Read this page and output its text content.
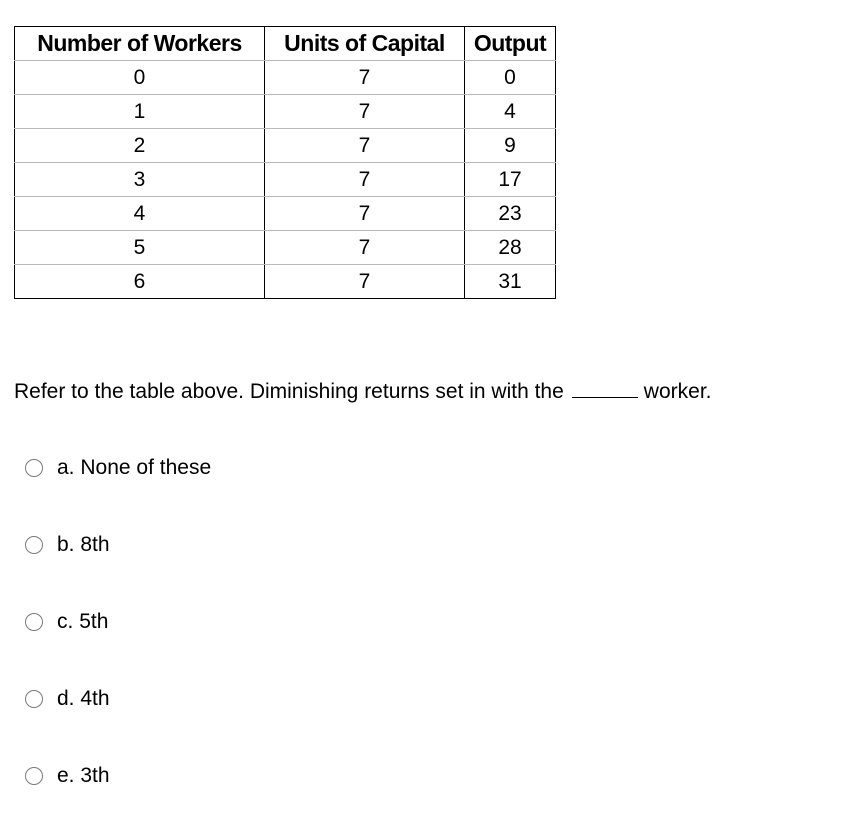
Number of Workers	Units of Capital	Output
0	7	0
1	7	4
2	7	9
3	7	17
4	7	23
5	7	28
6	7	31
Refer to the table above. Diminishing returns set in with the	worker.
a. None of these
b. 8th
c. 5th
d. 4th
e. 3th
